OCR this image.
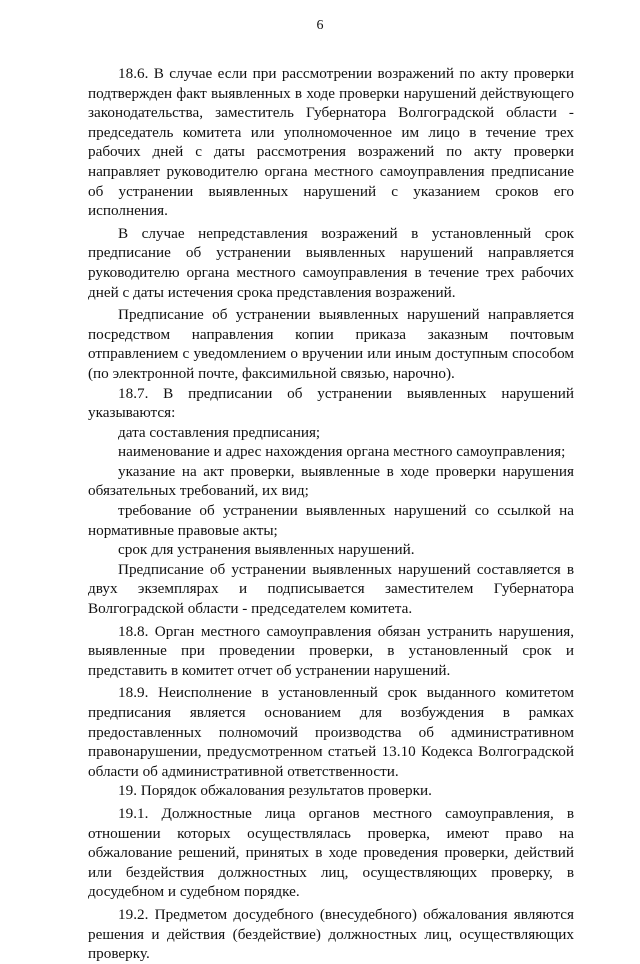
6

18.6. В случае если при рассмотрении возражений по акту проверки подтвержден факт выявленных в ходе проверки нарушений действующего законодательства, заместитель Губернатора Волгоградской области - председатель комитета или уполномоченное им лицо в течение трех рабочих дней с даты рассмотрения возражений по акту проверки направляет руководителю органа местного самоуправления предписание об устранении выявленных нарушений с указанием сроков его исполнения.

В случае непредставления возражений в установленный срок предписание об устранении выявленных нарушений направляется руководителю органа местного самоуправления в течение трех рабочих дней с даты истечения срока представления возражений.

Предписание об устранении выявленных нарушений направляется посредством направления копии приказа заказным почтовым отправлением с уведомлением о вручении или иным доступным способом (по электронной почте, факсимильной связью, нарочно).

18.7. В предписании об устранении выявленных нарушений указываются:

дата составления предписания;

наименование и адрес нахождения органа местного самоуправления;

указание на акт проверки, выявленные в ходе проверки нарушения обязательных требований, их вид;

требование об устранении выявленных нарушений со ссылкой на нормативные правовые акты;

срок для устранения выявленных нарушений.

Предписание об устранении выявленных нарушений составляется в двух экземплярах и подписывается заместителем Губернатора Волгоградской области - председателем комитета.

18.8. Орган местного самоуправления обязан устранить нарушения, выявленные при проведении проверки, в установленный срок и представить в комитет отчет об устранении нарушений.

18.9. Неисполнение в установленный срок выданного комитетом предписания является основанием для возбуждения в рамках предоставленных полномочий производства об административном правонарушении, предусмотренном статьей 13.10 Кодекса Волгоградской области об административной ответственности.

19. Порядок обжалования результатов проверки.

19.1. Должностные лица органов местного самоуправления, в отношении которых осуществлялась проверка, имеют право на обжалование решений, принятых в ходе проведения проверки, действий или бездействия должностных лиц, осуществляющих проверку, в досудебном и судебном порядке.

19.2. Предметом досудебного (внесудебного) обжалования являются решения и действия (бездействие) должностных лиц, осуществляющих проверку.
